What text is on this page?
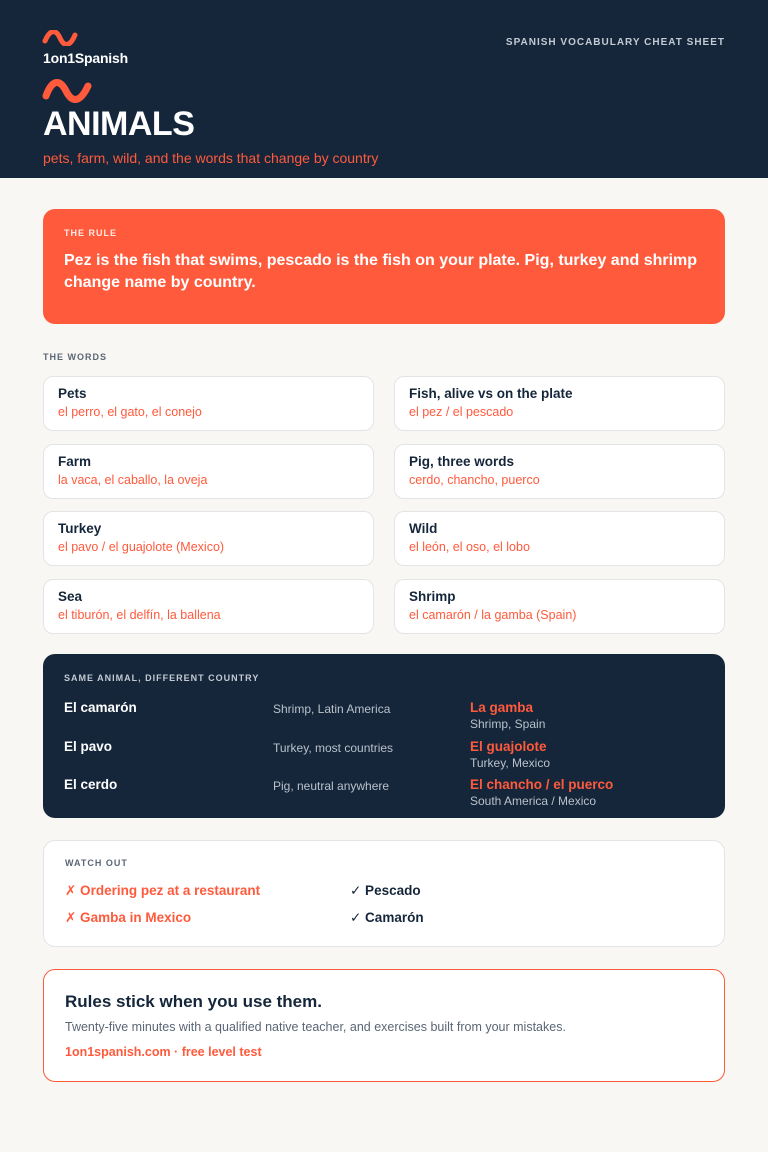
1on1Spanish
SPANISH VOCABULARY CHEAT SHEET
ANIMALS
pets, farm, wild, and the words that change by country
THE RULE
Pez is the fish that swims, pescado is the fish on your plate. Pig, turkey and shrimp change name by country.
THE WORDS
Pets
el perro, el gato, el conejo
Fish, alive vs on the plate
el pez / el pescado
Farm
la vaca, el caballo, la oveja
Pig, three words
cerdo, chancho, puerco
Turkey
el pavo / el guajolote (Mexico)
Wild
el león, el oso, el lobo
Sea
el tiburón, el delfín, la ballena
Shrimp
el camarón / la gamba (Spain)
SAME ANIMAL, DIFFERENT COUNTRY
El camarón	Shrimp, Latin America	La gamba
Shrimp, Spain
El pavo	Turkey, most countries	El guajolote
Turkey, Mexico
El cerdo	Pig, neutral anywhere	El chancho / el puerco
South America / Mexico
WATCH OUT
✗ Ordering pez at a restaurant	✓ Pescado
✗ Gamba in Mexico	✓ Camarón
Rules stick when you use them.
Twenty-five minutes with a qualified native teacher, and exercises built from your mistakes.
1on1spanish.com · free level test
